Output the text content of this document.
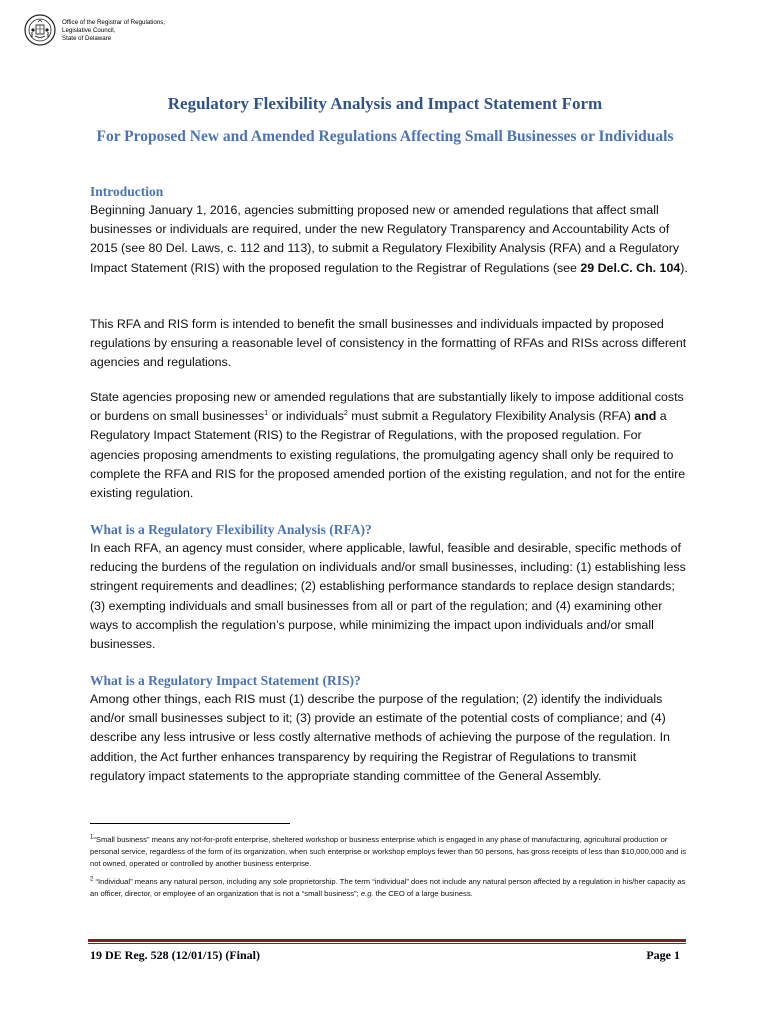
Office of the Registrar of Regulations,
Legislative Council,
State of Delaware
Regulatory Flexibility Analysis and Impact Statement Form
For Proposed New and Amended Regulations Affecting Small Businesses or Individuals
Introduction

Beginning January 1, 2016, agencies submitting proposed new or amended regulations that affect small businesses or individuals are required, under the new Regulatory Transparency and Accountability Acts of 2015 (see 80 Del. Laws, c. 112 and 113), to submit a Regulatory Flexibility Analysis (RFA) and a Regulatory Impact Statement (RIS) with the proposed regulation to the Registrar of Regulations (see 29 Del.C. Ch. 104).

This RFA and RIS form is intended to benefit the small businesses and individuals impacted by proposed regulations by ensuring a reasonable level of consistency in the formatting of RFAs and RISs across different agencies and regulations.

State agencies proposing new or amended regulations that are substantially likely to impose additional costs or burdens on small businesses$^1$ or individuals$^2$ must submit a Regulatory Flexibility Analysis (RFA) and a Regulatory Impact Statement (RIS) to the Registrar of Regulations, with the proposed regulation. For agencies proposing amendments to existing regulations, the promulgating agency shall only be required to complete the RFA and RIS for the proposed amended portion of the existing regulation, and not for the entire existing regulation.

What is a Regulatory Flexibility Analysis (RFA)?

In each RFA, an agency must consider, where applicable, lawful, feasible and desirable, specific methods of reducing the burdens of the regulation on individuals and/or small businesses, including: (1) establishing less stringent requirements and deadlines; (2) establishing performance standards to replace design standards; (3) exempting individuals and small businesses from all or part of the regulation; and (4) examining other ways to accomplish the regulation’s purpose, while minimizing the impact upon individuals and/or small businesses.

What is a Regulatory Impact Statement (RIS)?

Among other things, each RIS must (1) describe the purpose of the regulation; (2) identify the individuals and/or small businesses subject to it; (3) provide an estimate of the potential costs of compliance; and (4) describe any less intrusive or less costly alternative methods of achieving the purpose of the regulation. In addition, the Act further enhances transparency by requiring the Registrar of Regulations to transmit regulatory impact statements to the appropriate standing committee of the General Assembly.

$^1$“Small business” means any not-for-profit enterprise, sheltered workshop or business enterprise which is engaged in any phase of manufacturing, agricultural production or personal service, regardless of the form of its organization, when such enterprise or workshop employs fewer than 50 persons, has gross receipts of less than $10,000,000 and is not owned, operated or controlled by another business enterprise.

$^2$ “Individual” means any natural person, including any sole proprietorship. The term “individual” does not include any natural person affected by a regulation in his/her capacity as an officer, director, or employee of an organization that is not a “small business”; e.g. the CEO of a large business.

19 DE Reg. 528 (12/01/15) (Final)	Page 1
